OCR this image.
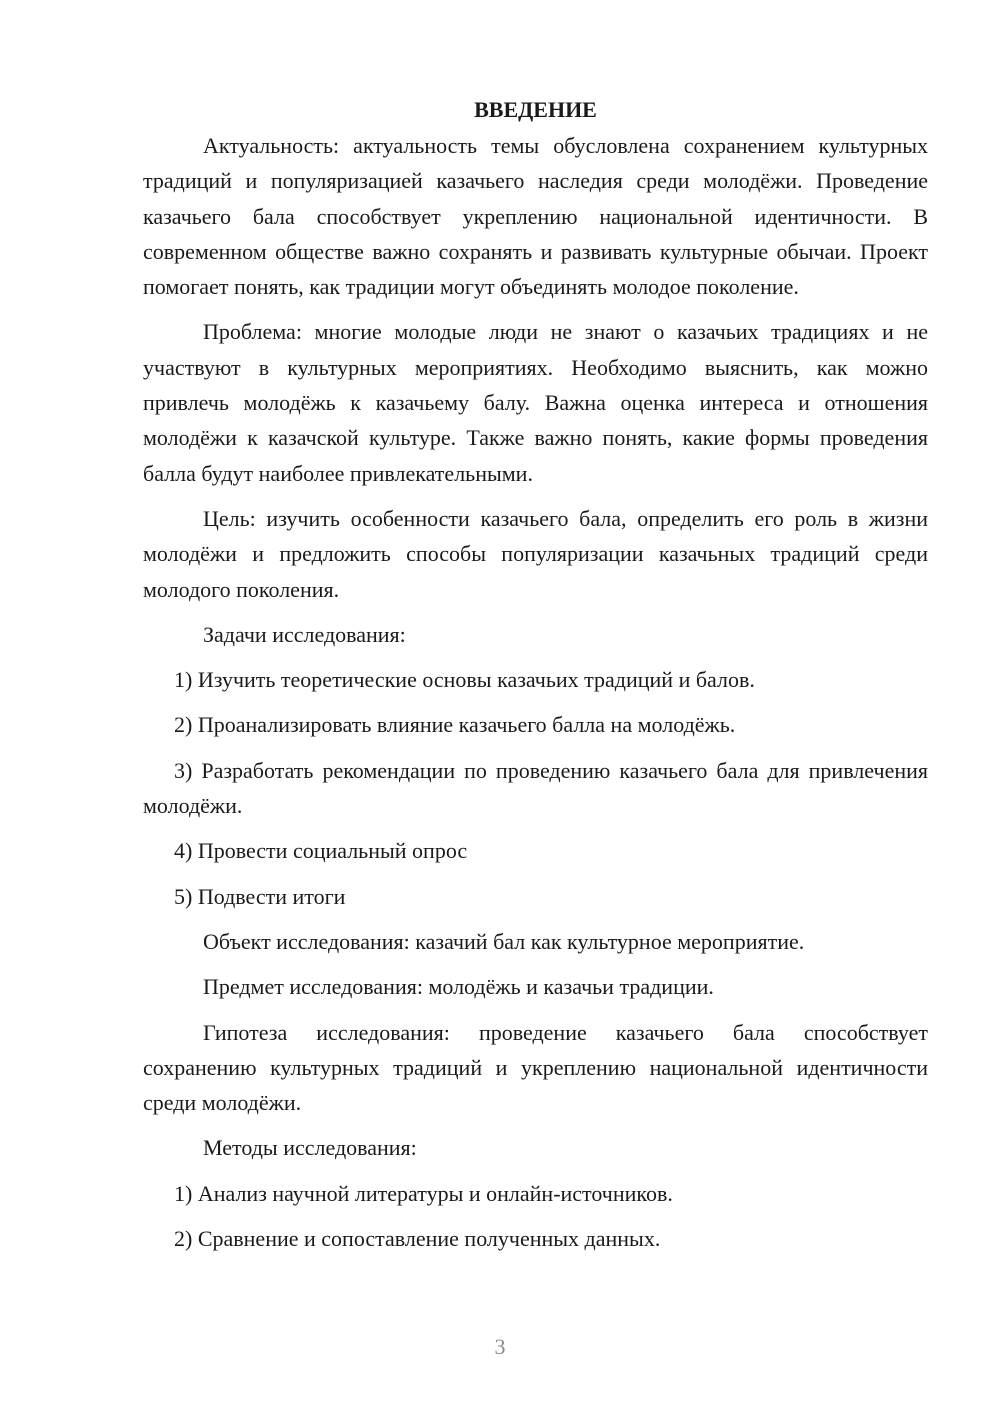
ВВЕДЕНИЕ

Актуальность: актуальность темы обусловлена сохранением культурных традиций и популяризацией казачьего наследия среди молодёжи. Проведение казачьего бала способствует укреплению национальной идентичности. В современном обществе важно сохранять и развивать культурные обычаи. Проект помогает понять, как традиции могут объединять молодое поколение.

Проблема: многие молодые люди не знают о казачьих традициях и не участвуют в культурных мероприятиях. Необходимо выяснить, как можно привлечь молодёжь к казачьему балу. Важна оценка интереса и отношения молодёжи к казачской культуре. Также важно понять, какие формы проведения балла будут наиболее привлекательными.

Цель: изучить особенности казачьего бала, определить его роль в жизни молодёжи и предложить способы популяризации казачьных традиций среди молодого поколения.

Задачи исследования:

1) Изучить теоретические основы казачьих традиций и балов.

2) Проанализировать влияние казачьего балла на молодёжь.

3) Разработать рекомендации по проведению казачьего бала для привлечения молодёжи.

4) Провести социальный опрос

5) Подвести итоги

Объект исследования: казачий бал как культурное мероприятие.

Предмет исследования: молодёжь и казачьи традиции.

Гипотеза исследования: проведение казачьего бала способствует сохранению культурных традиций и укреплению национальной идентичности среди молодёжи.

Методы исследования:

1) Анализ научной литературы и онлайн-источников.

2) Сравнение и сопоставление полученных данных.

3
